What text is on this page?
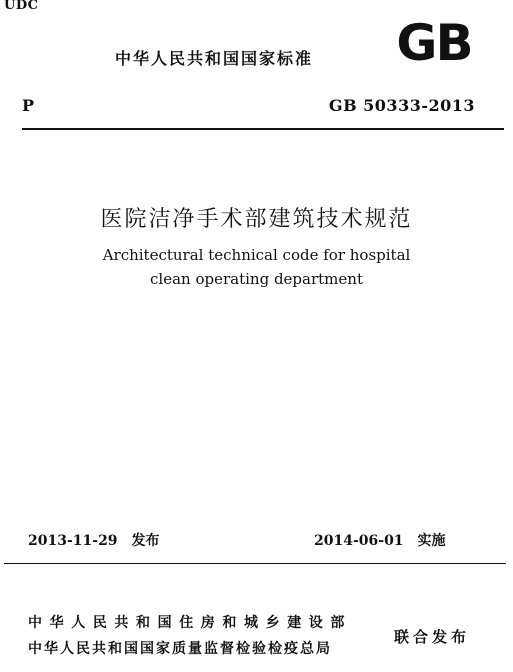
UDC
中华人民共和国国家标准 GB
P	GB 50333-2013
医院洁净手术部建筑技术规范
Architectural technical code for hospital
clean operating department
2013-11-29　发布	2014-06-01　实施
中华人民共和国住房和城乡建设部
中华人民共和国国家质量监督检验检疫总局
联合发布
